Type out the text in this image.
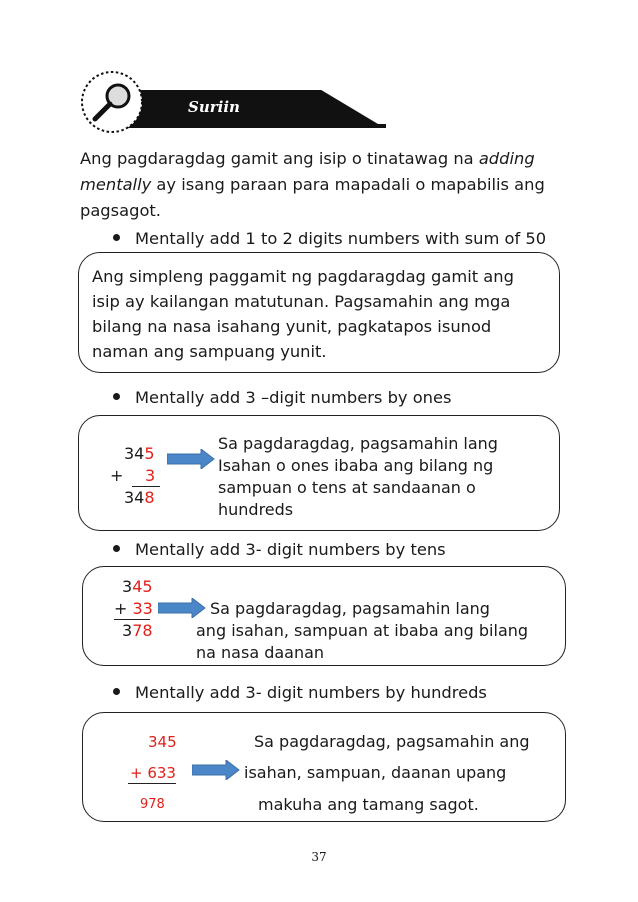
Suriin
Ang pagdaragdag gamit ang isip o tinatawag na adding mentally ay isang paraan para mapadali o mapabilis ang pagsagot.
Mentally add 1 to 2 digits numbers with sum of 50
Ang simpleng paggamit ng pagdaragdag gamit ang
isip ay kailangan matutunan. Pagsamahin ang mga
bilang na nasa isahang yunit, pagkatapos isunod
naman ang sampuang yunit.
Mentally add 3 –digit numbers by ones
345
+ 3
348
Sa pagdaragdag, pagsamahin lang
Isahan o ones ibaba ang bilang ng
sampuan o tens at sandaanan o
hundreds
Mentally add 3- digit numbers by tens
345
+ 33
378
Sa pagdaragdag, pagsamahin lang
ang isahan, sampuan at ibaba ang bilang
na nasa daanan
Mentally add 3- digit numbers by hundreds
345
+ 633
978
Sa pagdaragdag, pagsamahin ang
isahan, sampuan, daanan upang
makuha ang tamang sagot.
37
